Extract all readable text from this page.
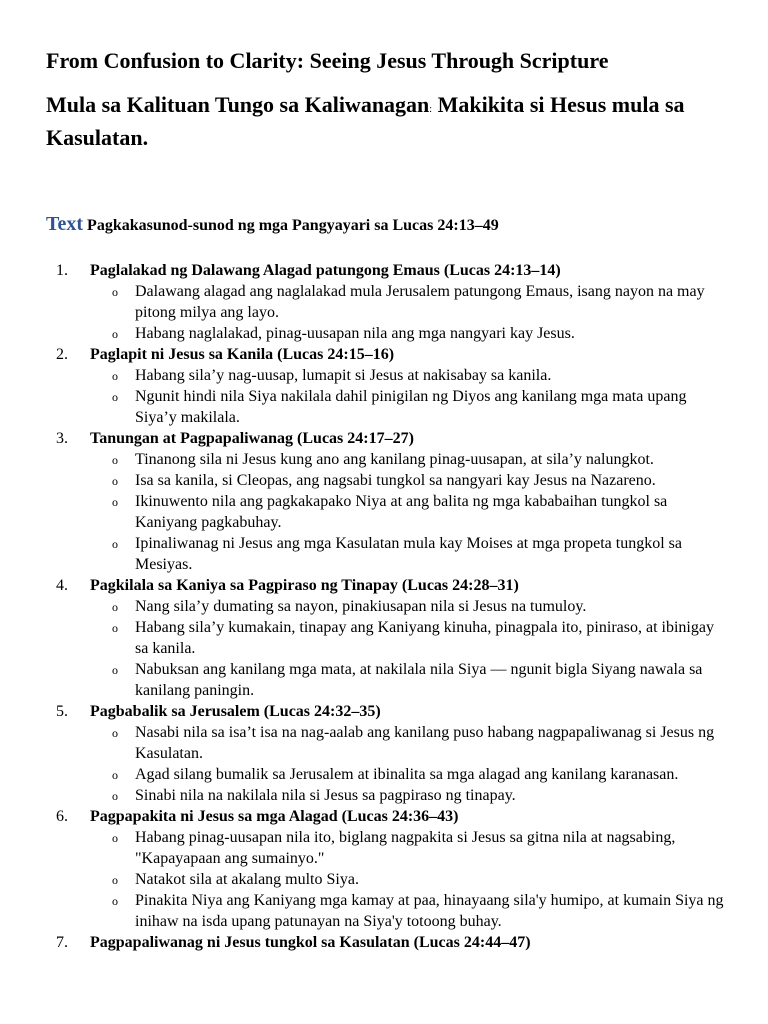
From Confusion to Clarity: Seeing Jesus Through Scripture
Mula sa Kalituan Tungo sa Kaliwanagan: Makikita si Hesus mula sa Kasulatan.
Text Pagkakasunod-sunod ng mga Pangyayari sa Lucas 24:13–49
1.	Paglalakad ng Dalawang Alagad patungong Emaus (Lucas 24:13–14)
o Dalawang alagad ang naglalakad mula Jerusalem patungong Emaus, isang nayon na may pitong milya ang layo.
o Habang naglalakad, pinag-uusapan nila ang mga nangyari kay Jesus.
2.	Paglapit ni Jesus sa Kanila (Lucas 24:15–16)
o Habang sila’y nag-uusap, lumapit si Jesus at nakisabay sa kanila.
o Ngunit hindi nila Siya nakilala dahil pinigilan ng Diyos ang kanilang mga mata upang Siya’y makilala.
3.	Tanungan at Pagpapaliwanag (Lucas 24:17–27)
o Tinanong sila ni Jesus kung ano ang kanilang pinag-uusapan, at sila’y nalungkot.
o Isa sa kanila, si Cleopas, ang nagsabi tungkol sa nangyari kay Jesus na Nazareno.
o Ikinuwento nila ang pagkakapako Niya at ang balita ng mga kababaihan tungkol sa Kaniyang pagkabuhay.
o Ipinaliwanag ni Jesus ang mga Kasulatan mula kay Moises at mga propeta tungkol sa Mesiyas.
4.	Pagkilala sa Kaniya sa Pagpiraso ng Tinapay (Lucas 24:28–31)
o Nang sila’y dumating sa nayon, pinakiusapan nila si Jesus na tumuloy.
o Habang sila’y kumakain, tinapay ang Kaniyang kinuha, pinagpala ito, piniraso, at ibinigay sa kanila.
o Nabuksan ang kanilang mga mata, at nakilala nila Siya — ngunit bigla Siyang nawala sa kanilang paningin.
5.	Pagbabalik sa Jerusalem (Lucas 24:32–35)
o Nasabi nila sa isa’t isa na nag-aalab ang kanilang puso habang nagpapaliwanag si Jesus ng Kasulatan.
o Agad silang bumalik sa Jerusalem at ibinalita sa mga alagad ang kanilang karanasan.
o Sinabi nila na nakilala nila si Jesus sa pagpiraso ng tinapay.
6.	Pagpapakita ni Jesus sa mga Alagad (Lucas 24:36–43)
o Habang pinag-uusapan nila ito, biglang nagpakita si Jesus sa gitna nila at nagsabing, "Kapayapaan ang sumainyo."
o Natakot sila at akalang multo Siya.
o Pinakita Niya ang Kaniyang mga kamay at paa, hinayaang sila'y humipo, at kumain Siya ng inihaw na isda upang patunayan na Siya'y totoong buhay.
7.	Pagpapaliwanag ni Jesus tungkol sa Kasulatan (Lucas 24:44–47)
